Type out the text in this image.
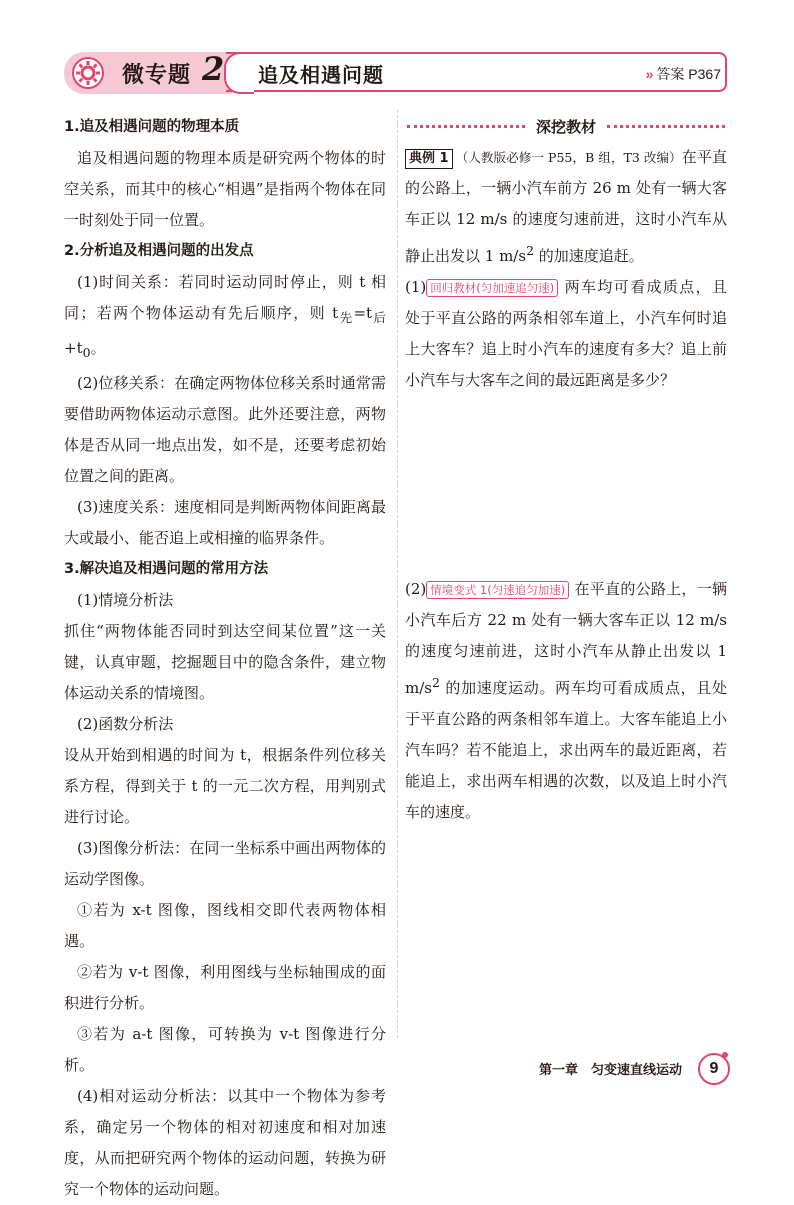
微专题 2 追及相遇问题	» 答案 P367

1.追及相遇问题的物理本质

追及相遇问题的物理本质是研究两个物体的时空关系，而其中的核心“相遇”是指两个物体在同一时刻处于同一位置。

2.分析追及相遇问题的出发点

(1)时间关系：若同时运动同时停止，则 t 相同；若两个物体运动有先后顺序，则 $t_先=t_后+t_0$。

(2)位移关系：在确定两物体位移关系时通常需要借助两物体运动示意图。此外还要注意，两物体是否从同一地点出发，如不是，还要考虑初始位置之间的距离。

(3)速度关系：速度相同是判断两物体间距离最大或最小、能否追上或相撞的临界条件。

3.解决追及相遇问题的常用方法

(1)情境分析法

抓住“两物体能否同时到达空间某位置”这一关键，认真审题，挖掘题目中的隐含条件，建立物体运动关系的情境图。

(2)函数分析法

设从开始到相遇的时间为 t，根据条件列位移关系方程，得到关于 t 的一元二次方程，用判别式进行讨论。

(3)图像分析法：在同一坐标系中画出两物体的运动学图像。

①若为 x-t 图像，图线相交即代表两物体相遇。

②若为 v-t 图像，利用图线与坐标轴围成的面积进行分析。

③若为 a-t 图像，可转换为 v-t 图像进行分析。

(4)相对运动分析法：以其中一个物体为参考系，确定另一个物体的相对初速度和相对加速度，从而把研究两个物体的运动问题，转换为研究一个物体的运动问题。

深挖教材

典例 1 （人教版必修一 P55，B 组，T3 改编）在平直的公路上，一辆小汽车前方 26 m 处有一辆大客车正以 12 m/s 的速度匀速前进，这时小汽车从静止出发以 1 $m/s^2$ 的加速度追赶。

(1) 回归教材(匀加速追匀速) 两车均可看成质点，且处于平直公路的两条相邻车道上，小汽车何时追上大客车？追上时小汽车的速度有多大？追上前小汽车与大客车之间的最远距离是多少？

(2) 情境变式 1(匀速追匀加速) 在平直的公路上，一辆小汽车后方 22 m 处有一辆大客车正以 12 m/s 的速度匀速前进，这时小汽车从静止出发以 1 $m/s^2$ 的加速度运动。两车均可看成质点，且处于平直公路的两条相邻车道上。大客车能追上小汽车吗？若不能追上，求出两车的最近距离，若能追上，求出两车相遇的次数，以及追上时小汽车的速度。

第一章　匀变速直线运动	9
